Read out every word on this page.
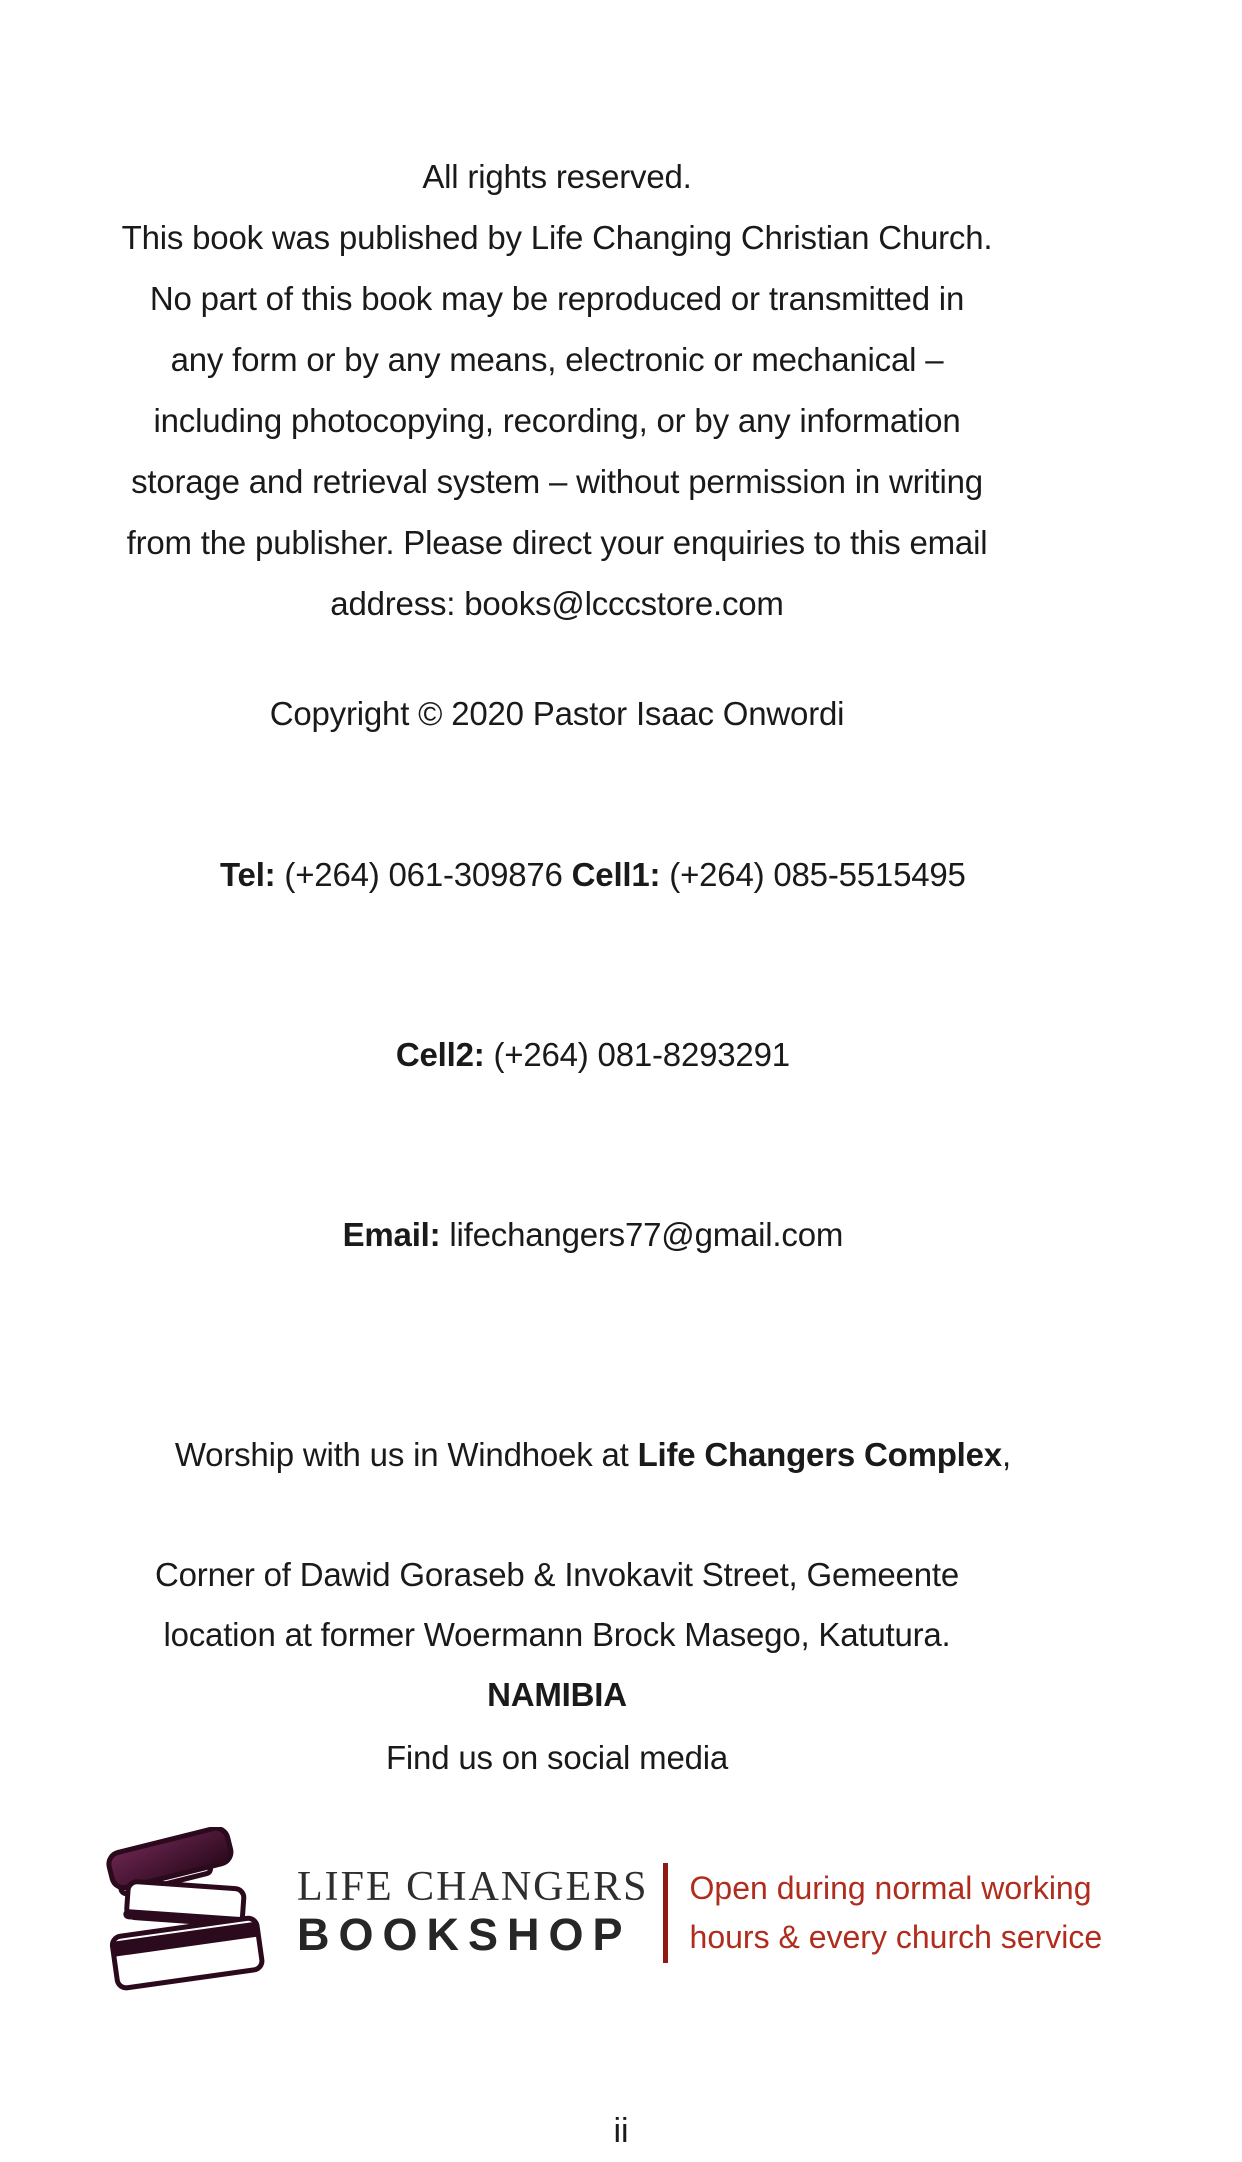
All rights reserved.
This book was published by Life Changing Christian Church.
No part of this book may be reproduced or transmitted in
any form or by any means, electronic or mechanical –
including photocopying, recording, or by any information
storage and retrieval system – without permission in writing
from the publisher. Please direct your enquiries to this email
address: books@lcccstore.com
Copyright © 2020 Pastor Isaac Onwordi

Tel: (+264) 061-309876 Cell1: (+264) 085-5515495

Cell2: (+264) 081-8293291

Email: lifechangers77@gmail.com

Worship with us in Windhoek at Life Changers Complex,

Corner of Dawid Goraseb & Invokavit Street, Gemeente
location at former Woermann Brock Masego, Katutura.
NAMIBIA
Find us on social media
LIFE CHANGERS
BOOKSHOP
Open during normal working
hours & every church service
ii
